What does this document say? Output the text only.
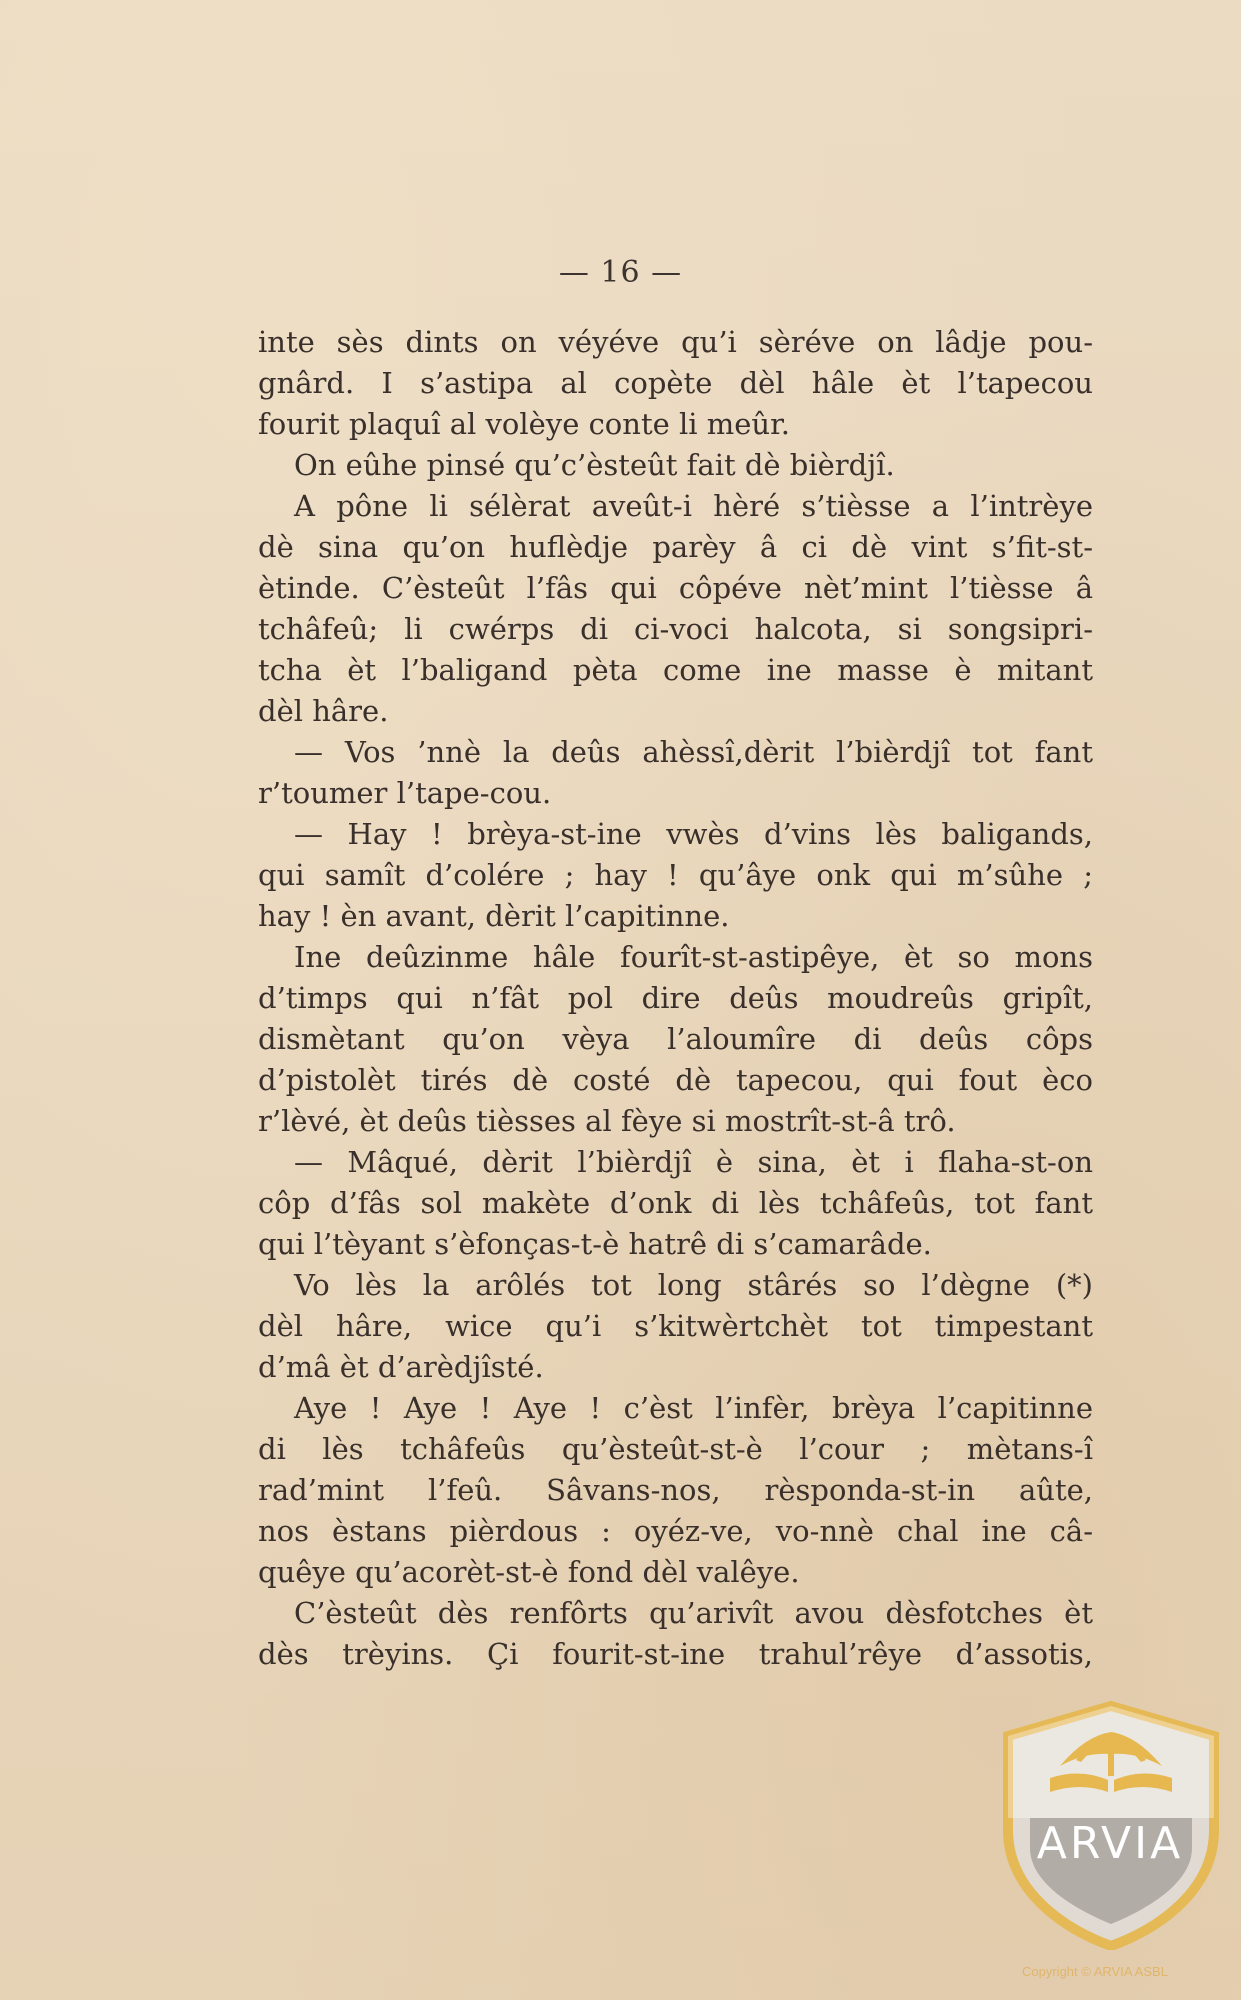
— 16 —
inte sès dints on véyéve qu’i sèréve on lâdje pou-
gnârd. I s’astipa al copète dèl hâle èt l’tapecou
fourit plaquî al volèye conte li meûr.
On eûhe pinsé qu’c’èsteût fait dè bièrdjî.
A pône li sélèrat aveût-i hèré s’tièsse a l’intrèye
dè sina qu’on huflèdje parèy â ci dè vint s’fit-st-
ètinde. C’èsteût l’fâs qui côpéve nèt’mint l’tièsse â
tchâfeû; li cwérps di ci-voci halcota, si songsipri-
tcha èt l’baligand pèta come ine masse è mitant
dèl hâre.
— Vos ’nnè la deûs ahèssî,dèrit l’bièrdjî tot fant
r’toumer l’tape-cou.
— Hay ! brèya-st-ine vwès d’vins lès baligands,
qui samît d’colére ; hay ! qu’âye onk qui m’sûhe ;
hay ! èn avant, dèrit l’capitinne.
Ine deûzinme hâle fourît-st-astipêye, èt so mons
d’timps qui n’fât pol dire deûs moudreûs gripît,
dismètant qu’on vèya l’aloumîre di deûs côps
d’pistolèt tirés dè costé dè tapecou, qui fout èco
r’lèvé, èt deûs tièsses al fèye si mostrît-st-â trô.
— Mâqué, dèrit l’bièrdjî è sina, èt i flaha-st-on
côp d’fâs sol makète d’onk di lès tchâfeûs, tot fant
qui l’tèyant s’èfonças-t-è hatrê di s’camarâde.
Vo lès la arôlés tot long stârés so l’dègne (*)
dèl hâre, wice qu’i s’kitwèrtchèt tot timpestant
d’mâ èt d’arèdjîsté.
Aye ! Aye ! Aye ! c’èst l’infèr, brèya l’capitinne
di lès tchâfeûs qu’èsteût-st-è l’cour ; mètans-î
rad’mint l’feû. Sâvans-nos, rèsponda-st-in aûte,
nos èstans pièrdous : oyéz-ve, vo-nnè chal ine câ-
quêye qu’acorèt-st-è fond dèl valêye.
C’èsteût dès renfôrts qu’arivît avou dèsfotches èt
dès trèyins. Çi fourit-st-ine trahul’rêye d’assotis,
ARVIA
Copyright © ARVIA ASBL
